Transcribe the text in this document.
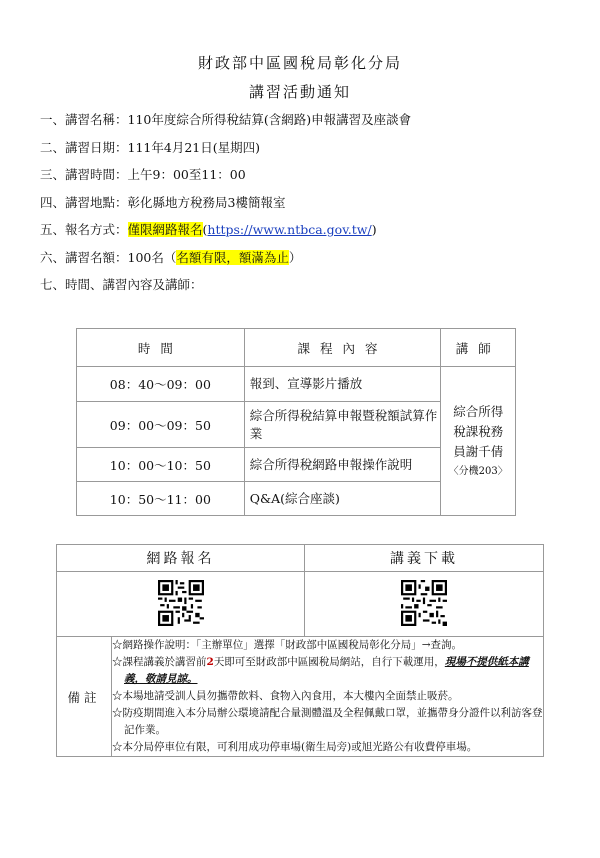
財政部中區國稅局彰化分局
講習活動通知
一、講習名稱：110年度綜合所得稅結算(含網路)申報講習及座談會
二、講習日期：111年4月21日(星期四)
三、講習時間：上午9：00至11：00
四、講習地點：彰化縣地方稅務局3樓簡報室
五、報名方式：僅限網路報名(https://www.ntbca.gov.tw/)
六、講習名額：100名（名額有限，額滿為止）
七、時間、講習內容及講師：
時間	課程內容	講師
08：40～09：00	報到、宣導影片播放	
09：00～09：50	綜合所得稅結算申報暨稅額試算作業	綜合所得
稅課稅務
員謝千倩
〈分機203〉

10：00～10：50	綜合所得稅網路申報操作說明	
10：50～11：00	Q&A(綜合座談)	
網路報名		講義下載

備註	☆網路操作說明：「主辦單位」選擇「財政部中區國稅局彰化分局」→查詢。
☆課程講義於講習前2天即可至財政部中區國稅局網站，自行下載運用，現場不提供紙本講義，敬請見諒。
☆本場地請受訓人員勿攜帶飲料、食物入內食用，本大樓內全面禁止吸菸。
☆防疫期間進入本分局辦公環境請配合量測體溫及全程佩戴口罩，並攜帶身分證件以利訪客登記作業。
☆本分局停車位有限，可利用成功停車場(衛生局旁)或旭光路公有收費停車場。	
